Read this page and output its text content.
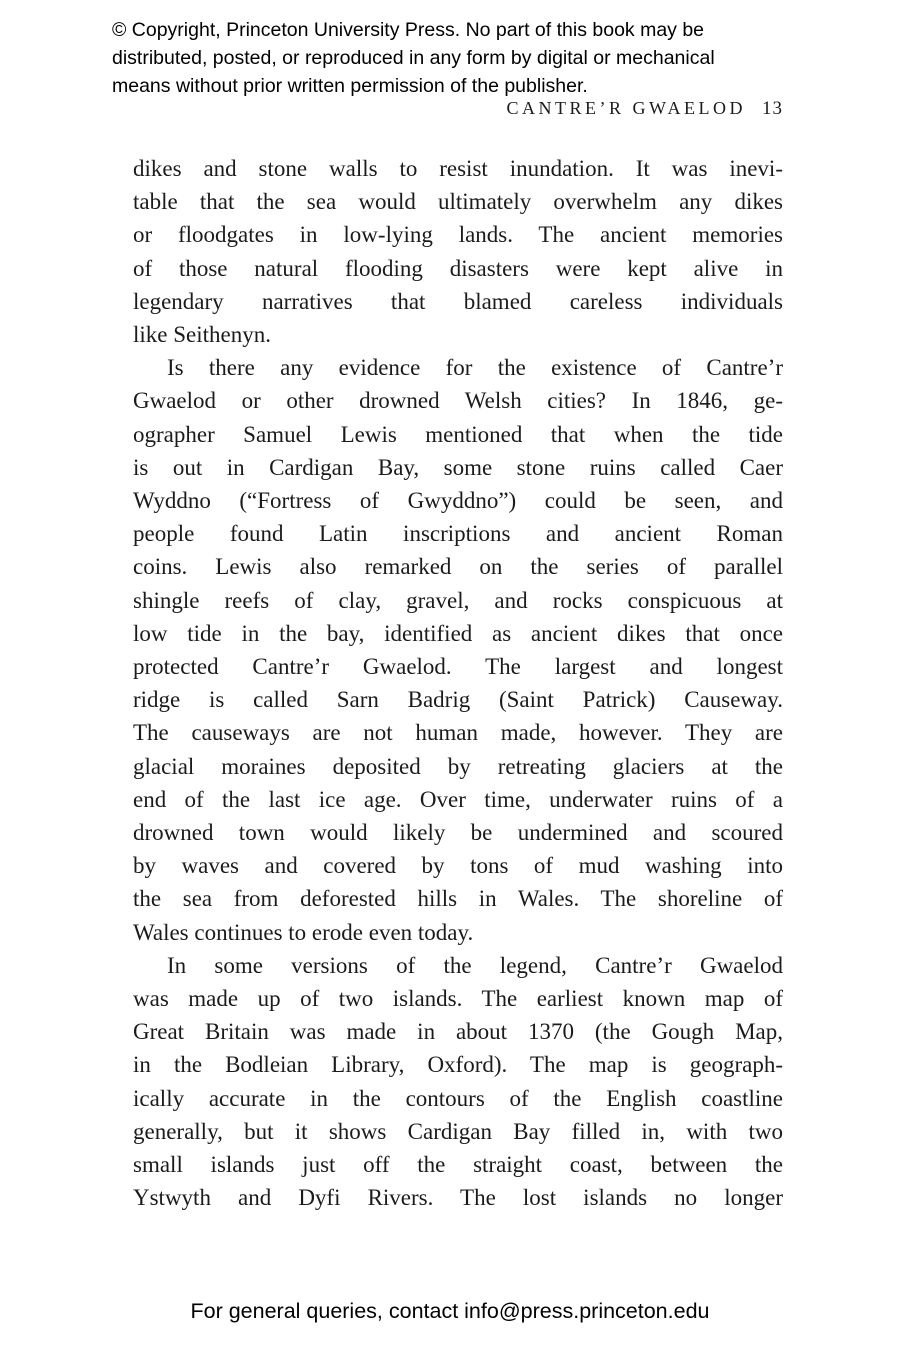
© Copyright, Princeton University Press. No part of this book may be
distributed, posted, or reproduced in any form by digital or mechanical
means without prior written permission of the publisher.
CANTRE’R GWAELOD 13
dikes and stone walls to resist inundation. It was inevi-
table that the sea would ultimately overwhelm any dikes
or floodgates in low-lying lands. The ancient memories
of those natural flooding disasters were kept alive in
legendary narratives that blamed careless individuals
like Seithenyn.
Is there any evidence for the existence of Cantre’r
Gwaelod or other drowned Welsh cities? In 1846, ge-
ographer Samuel Lewis mentioned that when the tide
is out in Cardigan Bay, some stone ruins called Caer
Wyddno (“Fortress of Gwyddno”) could be seen, and
people found Latin inscriptions and ancient Roman
coins. Lewis also remarked on the series of parallel
shingle reefs of clay, gravel, and rocks conspicuous at
low tide in the bay, identified as ancient dikes that once
protected Cantre’r Gwaelod. The largest and longest
ridge is called Sarn Badrig (Saint Patrick) Causeway.
The causeways are not human made, however. They are
glacial moraines deposited by retreating glaciers at the
end of the last ice age. Over time, underwater ruins of a
drowned town would likely be undermined and scoured
by waves and covered by tons of mud washing into
the sea from deforested hills in Wales. The shoreline of
Wales continues to erode even today.
In some versions of the legend, Cantre’r Gwaelod
was made up of two islands. The earliest known map of
Great Britain was made in about 1370 (the Gough Map,
in the Bodleian Library, Oxford). The map is geograph-
ically accurate in the contours of the English coastline
generally, but it shows Cardigan Bay filled in, with two
small islands just off the straight coast, between the
Ystwyth and Dyfi Rivers. The lost islands no longer
For general queries, contact info@press.princeton.edu
